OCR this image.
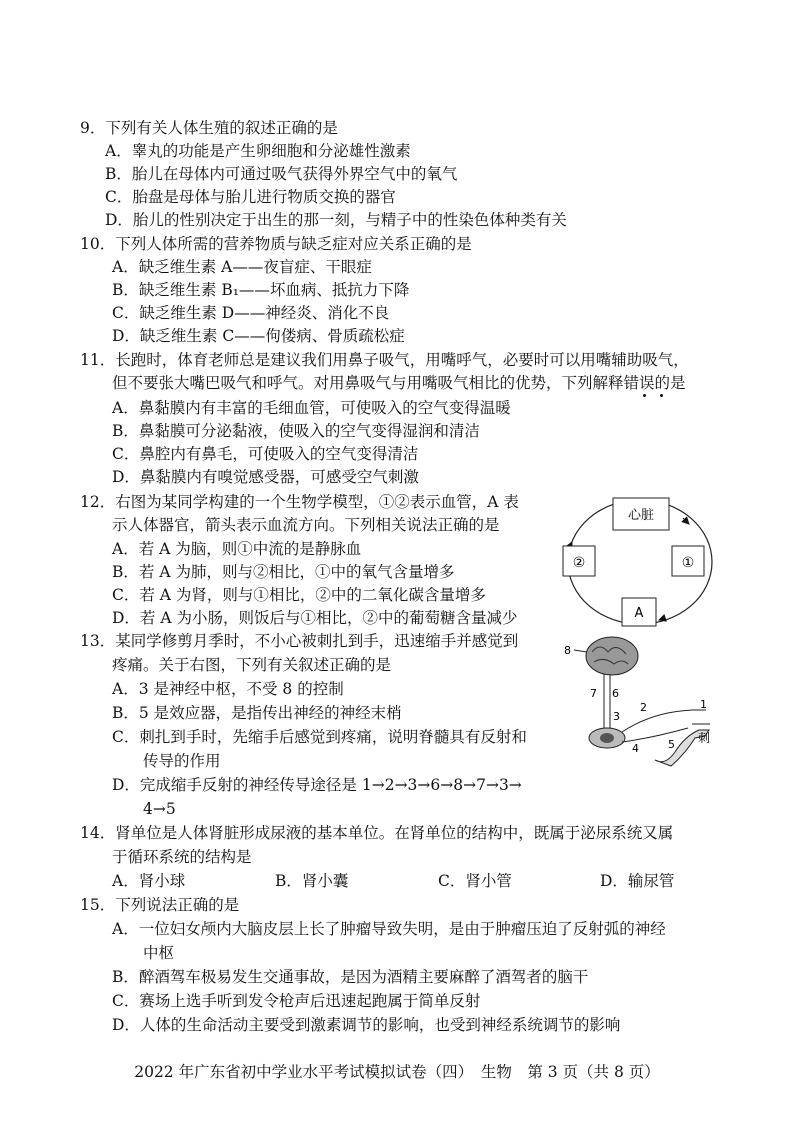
9．下列有关人体生殖的叙述正确的是
A．睾丸的功能是产生卵细胞和分泌雄性激素
B．胎儿在母体内可通过吸气获得外界空气中的氧气
C．胎盘是母体与胎儿进行物质交换的器官
D．胎儿的性别决定于出生的那一刻，与精子中的性染色体种类有关
10．下列人体所需的营养物质与缺乏症对应关系正确的是
A．缺乏维生素 A——夜盲症、干眼症
B．缺乏维生素 B₁——坏血病、抵抗力下降
C．缺乏维生素 D——神经炎、消化不良
D．缺乏维生素 C——佝偻病、骨质疏松症
11．长跑时，体育老师总是建议我们用鼻子吸气，用嘴呼气，必要时可以用嘴辅助吸气，
但不要张大嘴巴吸气和呼气。对用鼻吸气与用嘴吸气相比的优势，下列解释错误的是
A．鼻黏膜内有丰富的毛细血管，可使吸入的空气变得温暖
B．鼻黏膜可分泌黏液，使吸入的空气变得湿润和清洁
C．鼻腔内有鼻毛，可使吸入的空气变得清洁
D．鼻黏膜内有嗅觉感受器，可感受空气刺激
12．右图为某同学构建的一个生物学模型，①②表示血管，A 表
示人体器官，箭头表示血流方向。下列相关说法正确的是
A．若 A 为脑，则①中流的是静脉血
B．若 A 为肺，则与②相比，①中的氧气含量增多
C．若 A 为肾，则与①相比，②中的二氧化碳含量增多
D．若 A 为小肠，则饭后与①相比，②中的葡萄糖含量减少
心脏
①
②
A
13．某同学修剪月季时，不小心被刺扎到手，迅速缩手并感觉到
疼痛。关于右图，下列有关叙述正确的是
A．3 是神经中枢，不受 8 的控制
B．5 是效应器，是指传出神经的神经末梢
C．刺扎到手时，先缩手后感觉到疼痛，说明脊髓具有反射和
　　传导的作用
D．完成缩手反射的神经传导途径是 1→2→3→6→8→7→3→
　　4→5
8
7 6
3
2	1
4	5 刺
14．肾单位是人体肾脏形成尿液的基本单位。在肾单位的结构中，既属于泌尿系统又属
于循环系统的结构是
A．肾小球	B．肾小囊	C．肾小管	D．输尿管
15．下列说法正确的是
A．一位妇女颅内大脑皮层上长了肿瘤导致失明，是由于肿瘤压迫了反射弧的神经
　　中枢
B．醉酒驾车极易发生交通事故，是因为酒精主要麻醉了酒驾者的脑干
C．赛场上选手听到发令枪声后迅速起跑属于简单反射
D．人体的生命活动主要受到激素调节的影响，也受到神经系统调节的影响
2022 年广东省初中学业水平考试模拟试卷（四）　生物　第 3 页（共 8 页）
